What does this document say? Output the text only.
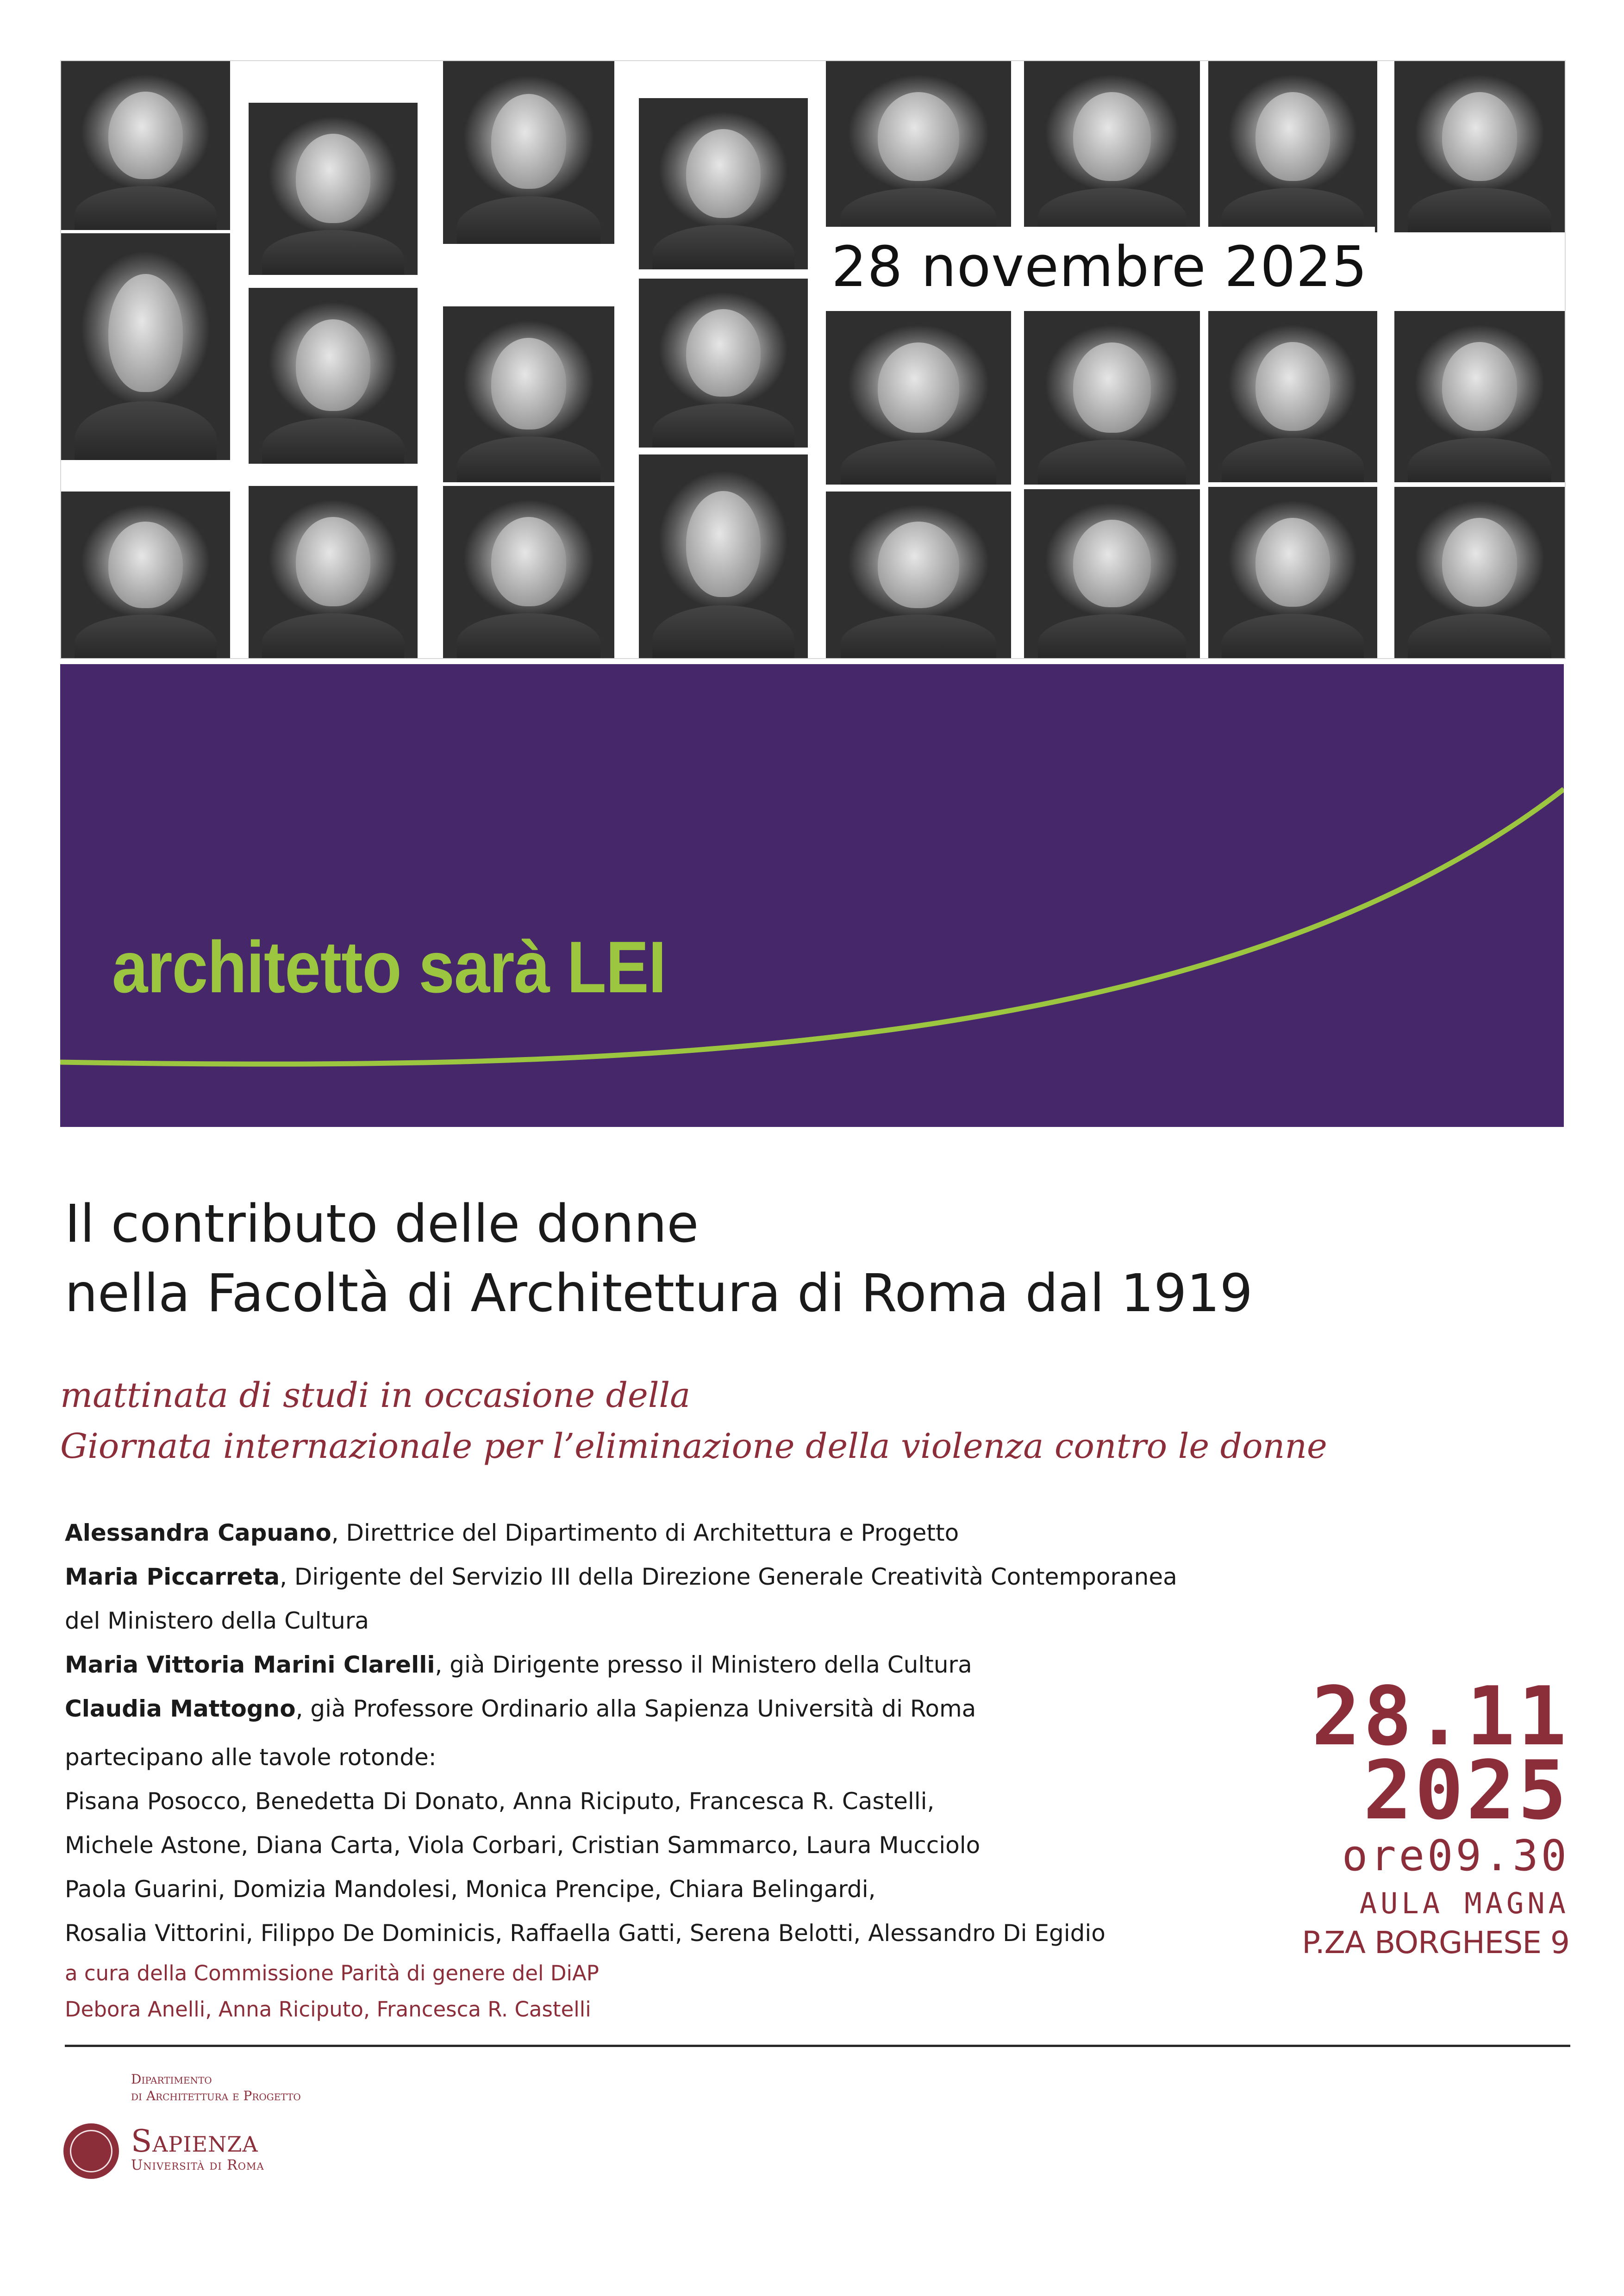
28 novembre 2025
architetto sarà LEI
Il contributo delle donne
nella Facoltà di Architettura di Roma dal 1919
mattinata di studi in occasione della
Giornata internazionale per l’eliminazione della violenza contro le donne
Alessandra Capuano, Direttrice del Dipartimento di Architettura e Progetto
Maria Piccarreta, Dirigente del Servizio III della Direzione Generale Creatività Contemporanea
del Ministero della Cultura
Maria Vittoria Marini Clarelli, già Dirigente presso il Ministero della Cultura
Claudia Mattogno, già Professore Ordinario alla Sapienza Università di Roma
partecipano alle tavole rotonde:
Pisana Posocco, Benedetta Di Donato, Anna Riciputo, Francesca R. Castelli,
Michele Astone, Diana Carta, Viola Corbari, Cristian Sammarco, Laura Mucciolo
Paola Guarini, Domizia Mandolesi, Monica Prencipe, Chiara Belingardi,
Rosalia Vittorini, Filippo De Dominicis, Raffaella Gatti, Serena Belotti, Alessandro Di Egidio
a cura della Commissione Parità di genere del DiAP
Debora Anelli, Anna Riciputo, Francesca R. Castelli
28.11
2025
ore09.30
AULA MAGNA
P.ZA BORGHESE 9
Dipartimento
di Architettura e Progetto
Sapienza
Università di Roma
